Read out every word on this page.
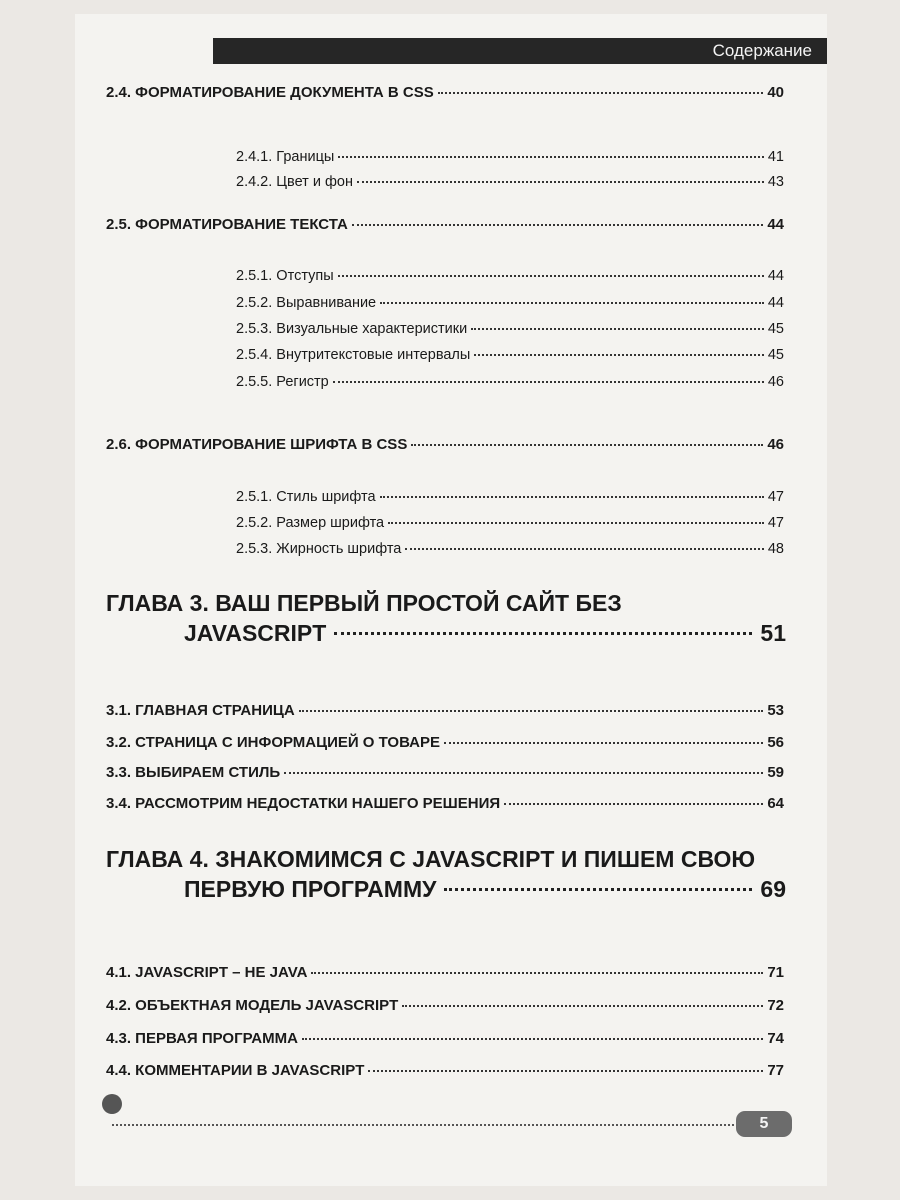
Содержание
2.4. ФОРМАТИРОВАНИЕ ДОКУМЕНТА В CSS	40
2.4.1. Границы	41
2.4.2. Цвет и фон	43
2.5. ФОРМАТИРОВАНИЕ ТЕКСТА	44
2.5.1. Отступы	44
2.5.2. Выравнивание	44
2.5.3. Визуальные характеристики	45
2.5.4. Внутритекстовые интервалы	45
2.5.5. Регистр	46
2.6. ФОРМАТИРОВАНИЕ ШРИФТА В CSS	46
2.5.1. Стиль шрифта	47
2.5.2. Размер шрифта	47
2.5.3. Жирность шрифта	48
ГЛАВА 3. ВАШ ПЕРВЫЙ ПРОСТОЙ САЙТ БЕЗ
JAVASCRIPT	51
3.1. ГЛАВНАЯ СТРАНИЦА	53
3.2. СТРАНИЦА С ИНФОРМАЦИЕЙ О ТОВАРЕ	56
3.3. ВЫБИРАЕМ СТИЛЬ	59
3.4. РАССМОТРИМ НЕДОСТАТКИ НАШЕГО РЕШЕНИЯ	64
ГЛАВА 4. ЗНАКОМИМСЯ С JAVASCRIPT И ПИШЕМ СВОЮ
ПЕРВУЮ ПРОГРАММУ	69
4.1. JAVASCRIPT – НЕ JAVA	71
4.2. ОБЪЕКТНАЯ МОДЕЛЬ JAVASCRIPT	72
4.3. ПЕРВАЯ ПРОГРАММА	74
4.4. КОММЕНТАРИИ В JAVASCRIPT	77
5
